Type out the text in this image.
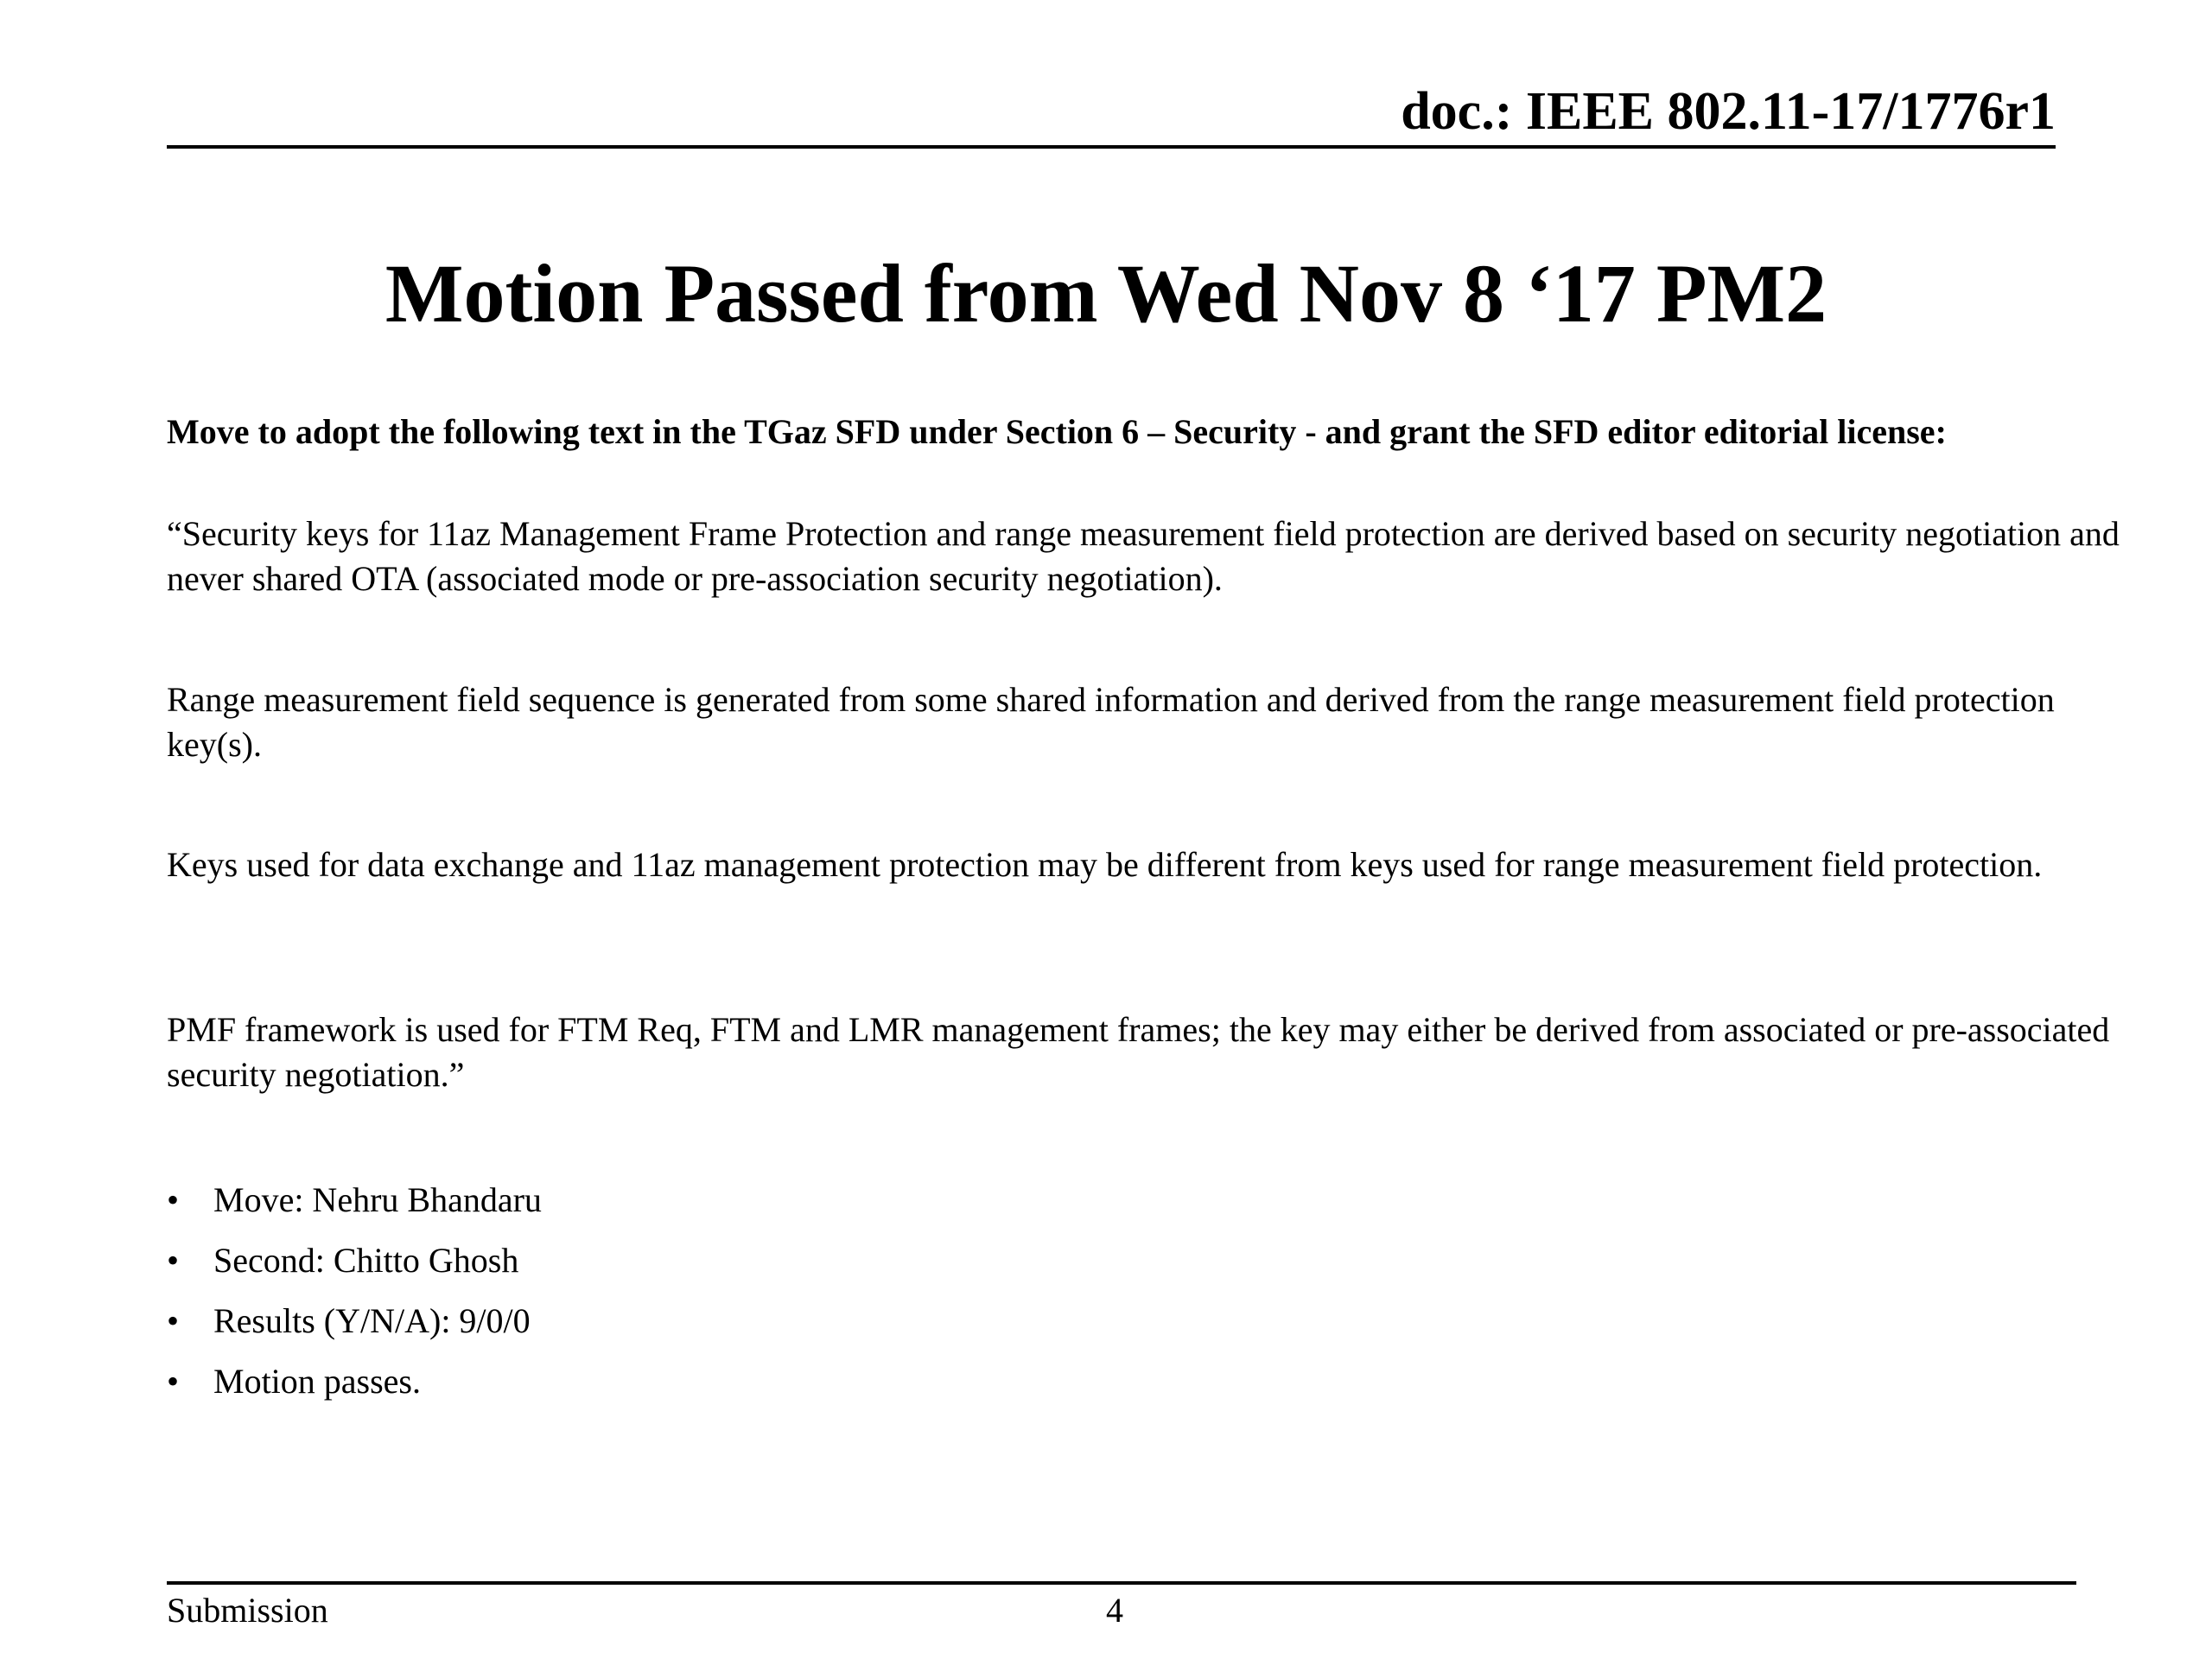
doc.: IEEE 802.11-17/1776r1
Motion Passed from Wed Nov 8 ‘17 PM2
Move to adopt the following text in the TGaz SFD under Section 6 – Security - and grant the SFD editor editorial license:
“Security keys for 11az Management Frame Protection and range measurement field protection are derived based on security negotiation and never shared OTA (associated mode or pre-association security negotiation).
Range measurement field sequence is generated from some shared information and derived from the range measurement field protection key(s).
Keys used for data exchange and 11az management protection may be different from keys used for range measurement field protection.
PMF framework is used for FTM Req, FTM and LMR management frames; the key may either be derived from associated or pre-associated security negotiation.”
• Move: Nehru Bhandaru
• Second: Chitto Ghosh
• Results (Y/N/A): 9/0/0
• Motion passes.
Submission	4
